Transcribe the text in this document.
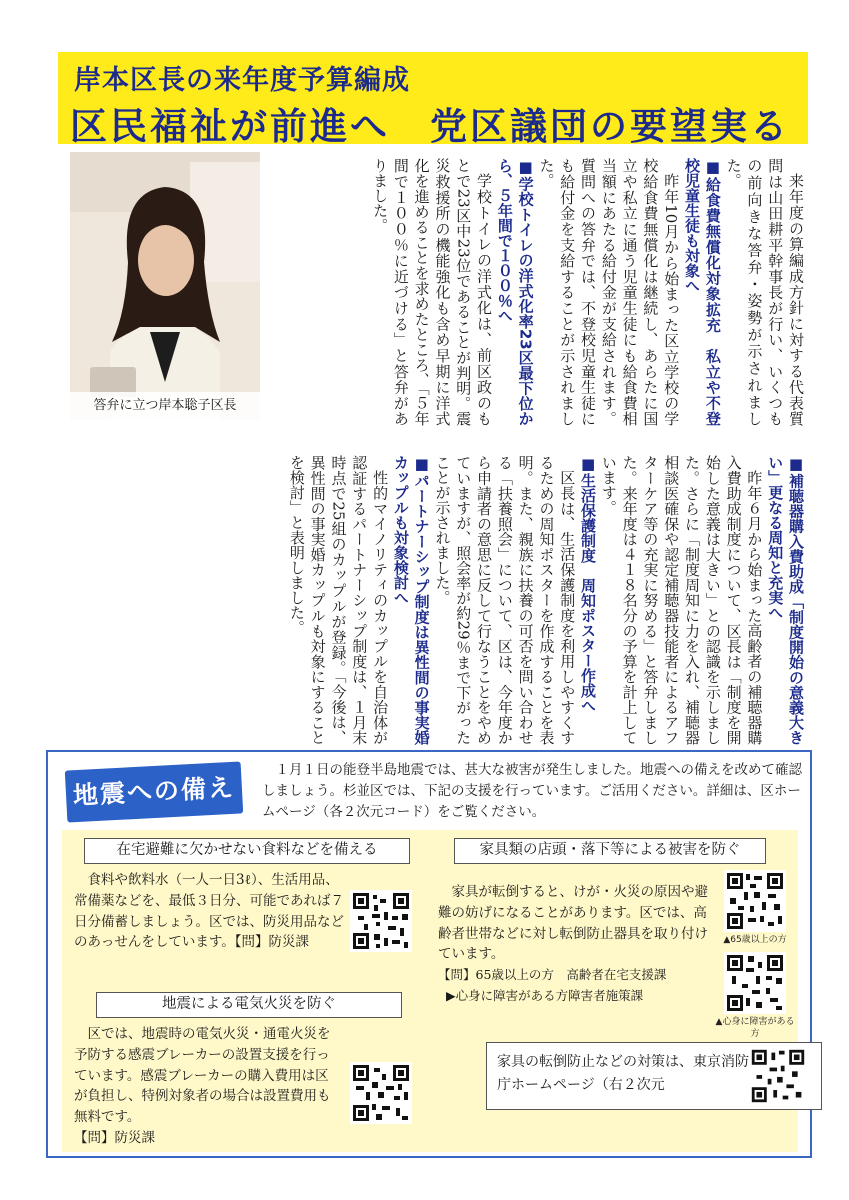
岸本区長の来年度予算編成
区民福祉が前進へ　党区議団の要望実る
答弁に立つ岸本聡子区長	来年度の算編成方針に対する代表質問は山田耕平幹事長が行い、いくつもの前向きな答弁・姿勢が示されました。

■給食費無償化対象拡充　私立や不登校児童生徒も対象へ

昨年10月から始まった区立学校の学校給食費無償化は継続し、あらたに国立や私立に通う児童生徒にも給食費相当額にあたる給付金が支給されます。質問への答弁では、不登校児童生徒にも給付金を支給することが示されました。

■学校トイレの洋式化率23区最下位から、５年間で１００％へ

学校トイレの洋式化は、前区政のもとで23区中23位であることが判明。震災救援所の機能強化も含め早期に洋式化を進めることを求めたところ、「５年間で１００％に近づける」と答弁がありました。

■補聴器購入費助成「制度開始の意義大きい」更なる周知と充実へ

昨年６月から始まった高齢者の補聴器購入費助成制度について、区長は「制度を開始した意義は大きい」との認識を示しました。さらに「制度周知に力を入れ、補聴器相談医確保や認定補聴器技能者によるアフターケア等の充実に努める」と答弁しました。来年度は４１８名分の予算を計上しています。

■生活保護制度　周知ポスター作成へ

区長は、生活保護制度を利用しやすくするための周知ポスターを作成することを表明。また、親族に扶養の可否を問い合わせる「扶養照会」について、区は、今年度から申請者の意思に反して行なうことをやめていますが、照会率が約29％まで下がったことが示されました。

■パートナーシップ制度は異性間の事実婚カップルも対象検討へ

性的マイノリティのカップルを自治体が認証するパートナーシップ制度は、１月末時点で25組のカップルが登録。「今後は、異性間の事実婚カップルも対象にすることを検討」と表明しました。

地震への備え
１月１日の能登半島地震では、甚大な被害が発生しました。地震への備えを改めて確認しましょう。杉並区では、下記の支援を行っています。ご活用ください。詳細は、区ホームページ（各２次元コード）をご覧ください。
在宅避難に欠かせない食料などを備える
食料や飲料水（一人一日3ℓ）、生活用品、常備薬などを、最低３日分、可能であれば７日分備蓄しましょう。区では、防災用品などのあっせんをしています。【問】防災課
地震による電気火災を防ぐ
区では、地震時の電気火災・通電火災を予防する感震ブレーカーの設置支援を行っています。感震ブレーカーの購入費用は区が負担し、特例対象者の場合は設置費用も無料です。
【問】防災課
家具類の店頭・落下等による被害を防ぐ
家具が転倒すると、けが・火災の原因や避難の妨げになることがあります。区では、高齢者世帯などに対し転倒防止器具を取り付けています。
【問】65歳以上の方　高齢者在宅支援課
▶心身に障害がある方障害者施策課
▲65歳以上の方
▲心身に障害がある方
家具の転倒防止などの対策は、東京消防庁ホームページ（右２次元
